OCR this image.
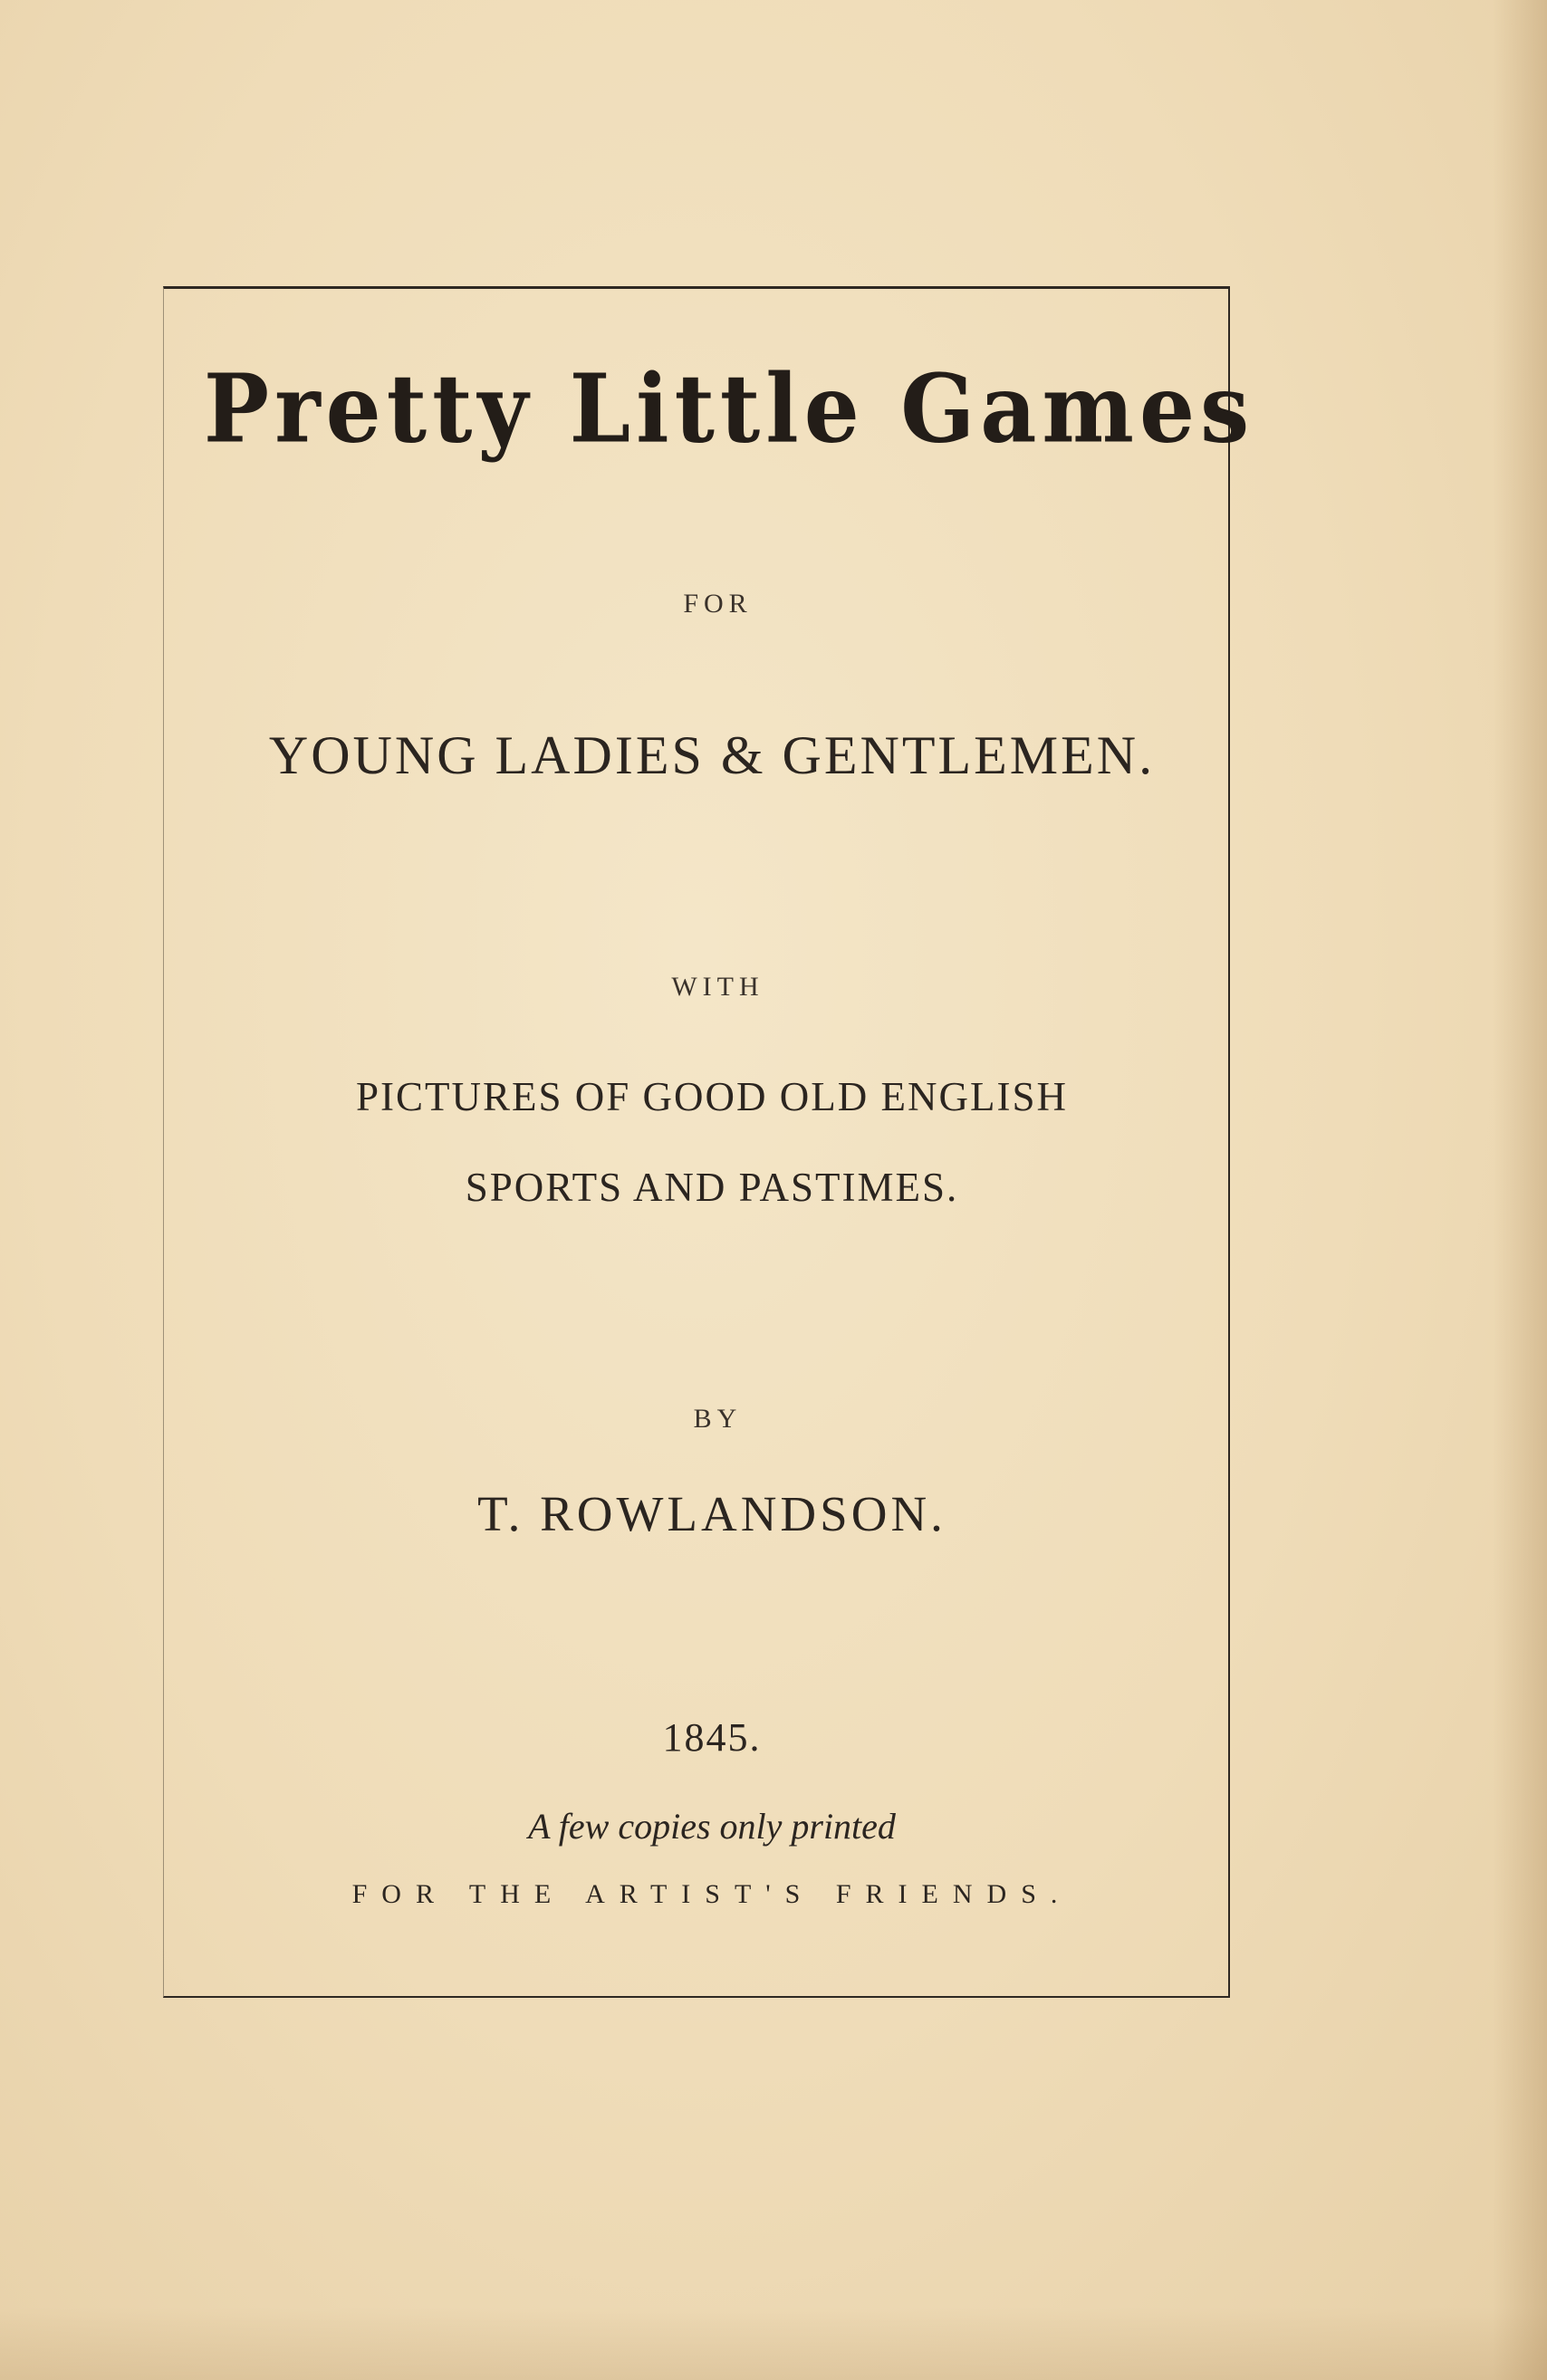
Pretty Little Games
FOR
YOUNG LADIES & GENTLEMEN.
WITH
PICTURES OF GOOD OLD ENGLISH
SPORTS AND PASTIMES.
BY
T. ROWLANDSON.
1845.
A few copies only printed
FOR THE ARTIST'S FRIENDS.
